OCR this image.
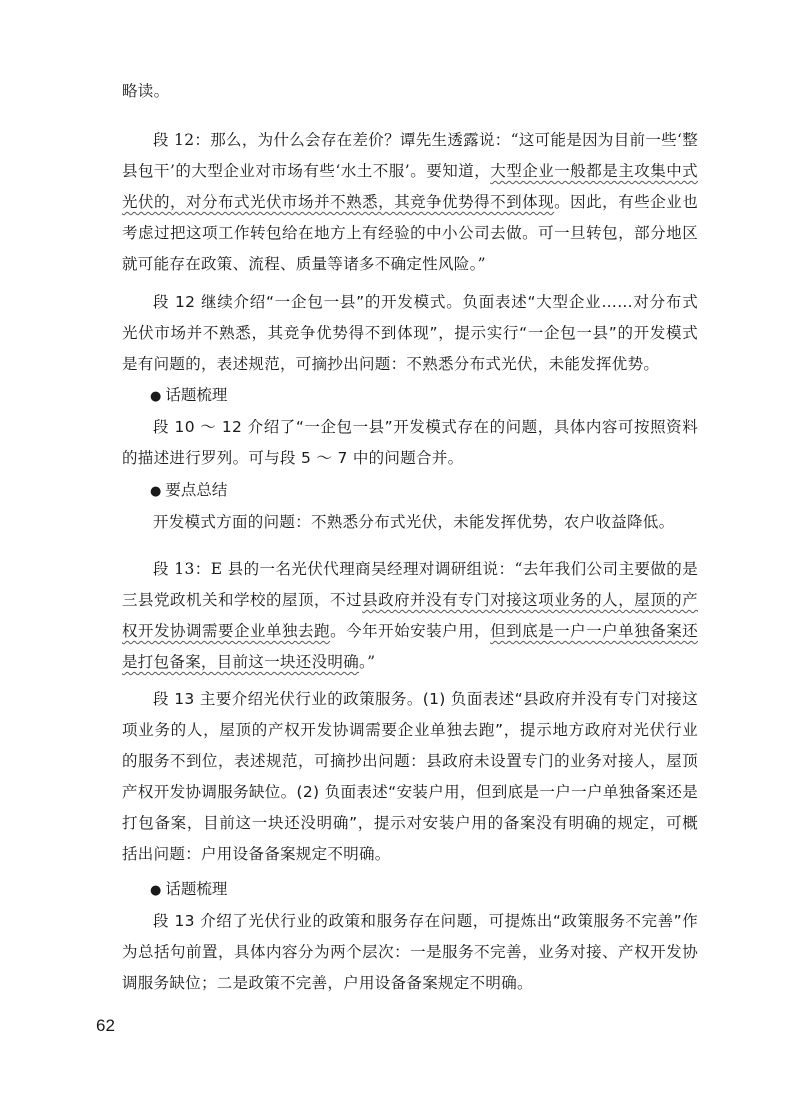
略读。

段 12：那么，为什么会存在差价？谭先生透露说：“这可能是因为目前一些‘整县包干’的大型企业对市场有些‘水土不服’。要知道，大型企业一般都是主攻集中式光伏的，对分布式光伏市场并不熟悉，其竞争优势得不到体现。因此，有些企业也考虑过把这项工作转包给在地方上有经验的中小公司去做。可一旦转包，部分地区就可能存在政策、流程、质量等诸多不确定性风险。”

段 12 继续介绍“一企包一县”的开发模式。负面表述“大型企业……对分布式光伏市场并不熟悉，其竞争优势得不到体现”，提示实行“一企包一县”的开发模式是有问题的，表述规范，可摘抄出问题：不熟悉分布式光伏，未能发挥优势。

● 话题梳理

段 10 ～ 12 介绍了“一企包一县”开发模式存在的问题，具体内容可按照资料的描述进行罗列。可与段 5 ～ 7 中的问题合并。

● 要点总结

开发模式方面的问题：不熟悉分布式光伏，未能发挥优势，农户收益降低。

段 13：E 县的一名光伏代理商吴经理对调研组说：“去年我们公司主要做的是三县党政机关和学校的屋顶，不过县政府并没有专门对接这项业务的人，屋顶的产权开发协调需要企业单独去跑。今年开始安装户用，但到底是一户一户单独备案还是打包备案，目前这一块还没明确。”

段 13 主要介绍光伏行业的政策服务。(1) 负面表述“县政府并没有专门对接这项业务的人，屋顶的产权开发协调需要企业单独去跑”，提示地方政府对光伏行业的服务不到位，表述规范，可摘抄出问题：县政府未设置专门的业务对接人，屋顶产权开发协调服务缺位。(2) 负面表述“安装户用，但到底是一户一户单独备案还是打包备案，目前这一块还没明确”，提示对安装户用的备案没有明确的规定，可概括出问题：户用设备备案规定不明确。

● 话题梳理

段 13 介绍了光伏行业的政策和服务存在问题，可提炼出“政策服务不完善”作为总括句前置，具体内容分为两个层次：一是服务不完善，业务对接、产权开发协调服务缺位；二是政策不完善，户用设备备案规定不明确。

62
